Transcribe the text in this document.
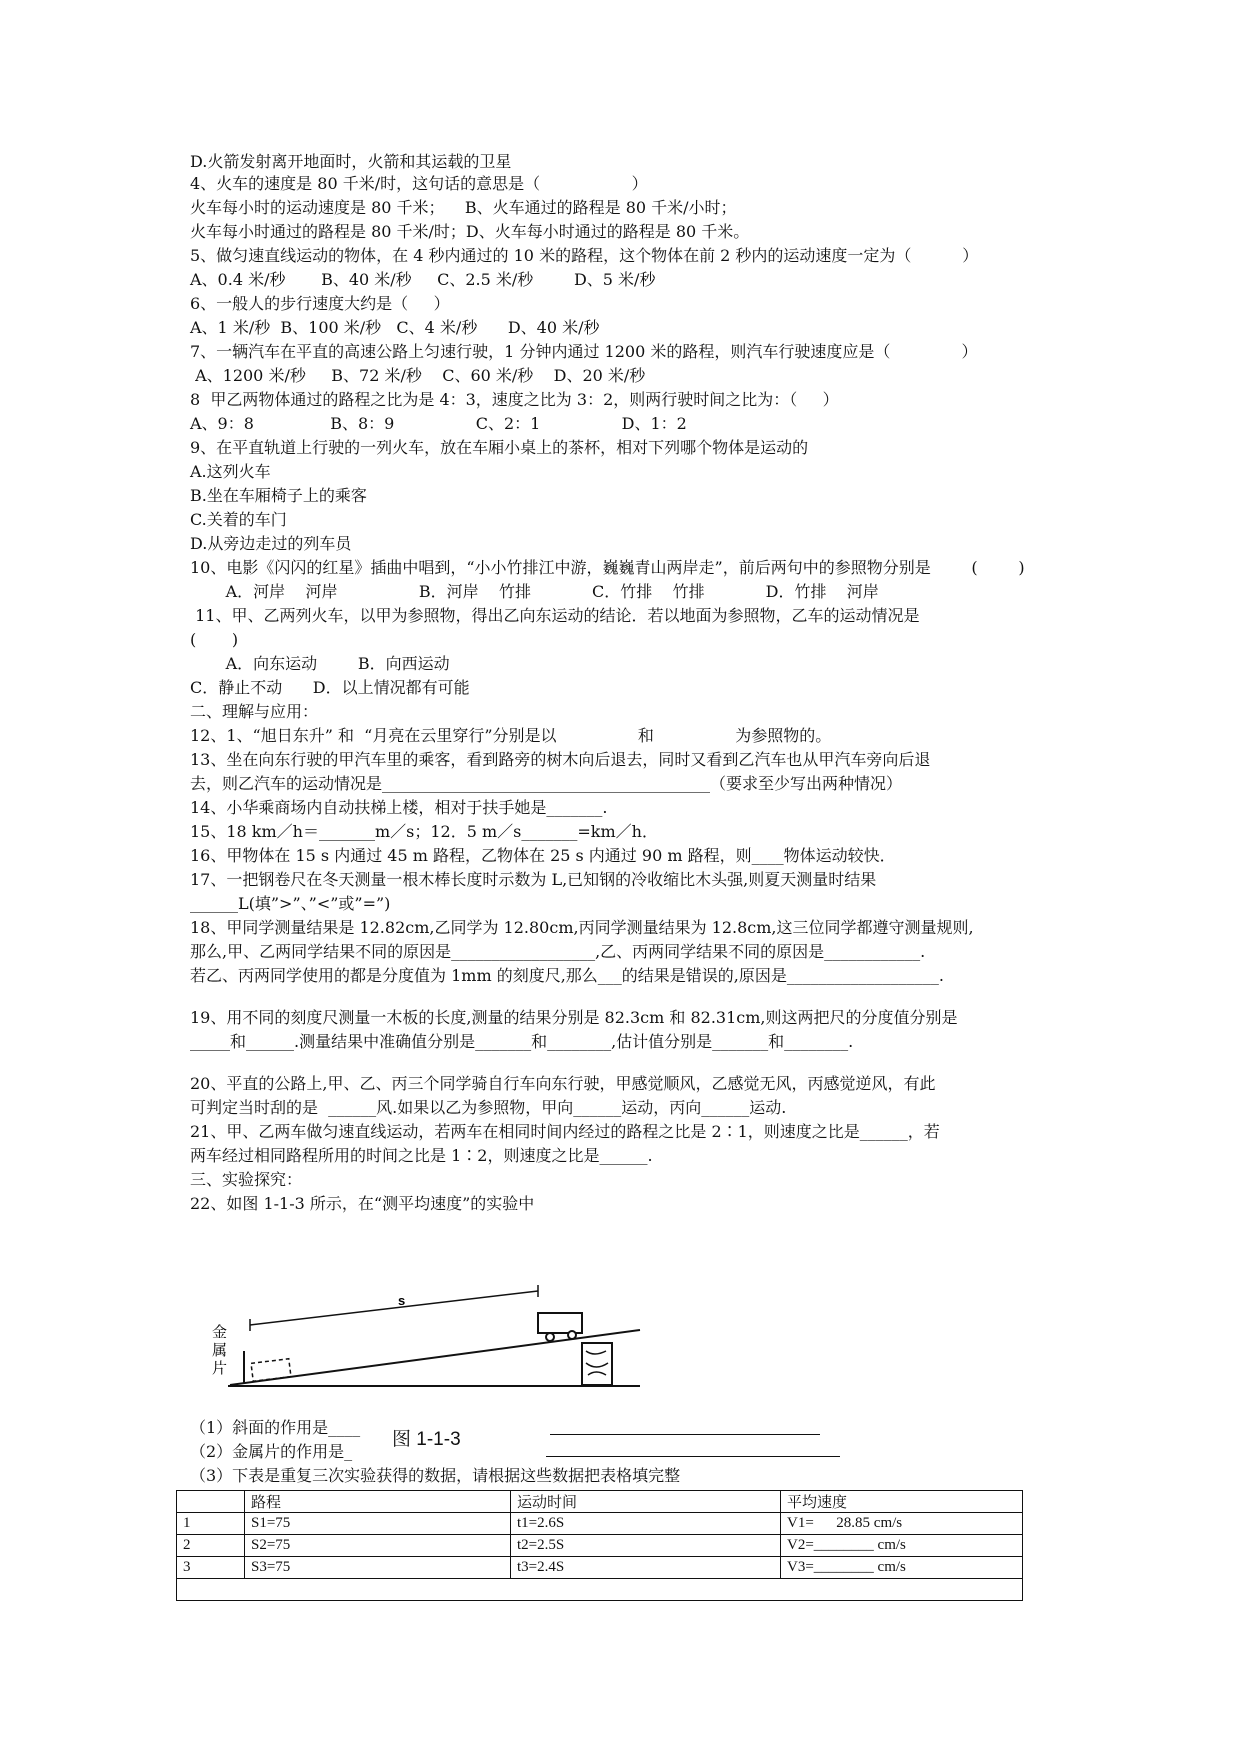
D.火箭发射离开地面时，火箭和其运载的卫星
4、火车的速度是 80 千米/时，这句话的意思是（                  ）
火车每小时的运动速度是 80 千米；    B、火车通过的路程是 80 千米/小时；
火车每小时通过的路程是 80 千米/时；D、火车每小时通过的路程是 80 千米。
5、做匀速直线运动的物体，在 4 秒内通过的 10 米的路程，这个物体在前 2 秒内的运动速度一定为（          ）
A、0.4 米/秒       B、40 米/秒     C、2.5 米/秒        D、5 米/秒
6、一般人的步行速度大约是（     ）
A、1 米/秒  B、100 米/秒   C、4 米/秒      D、40 米/秒
7、一辆汽车在平直的高速公路上匀速行驶，1 分钟内通过 1200 米的路程，则汽车行驶速度应是（              ）
A、1200 米/秒     B、72 米/秒    C、60 米/秒    D、20 米/秒
8  甲乙两物体通过的路程之比为是 4：3，速度之比为 3：2，则两行驶时间之比为：（     ）
A、9：8               B、8：9                C、2：1                D、1：2
9、在平直轨道上行驶的一列火车，放在车厢小桌上的茶杯，相对下列哪个物体是运动的
A.这列火车
B.坐在车厢椅子上的乘客
C.关着的车门
D.从旁边走过的列车员
10、电影《闪闪的红星》插曲中唱到，“小小竹排江中游，巍巍青山两岸走”，前后两句中的参照物分别是        (        )
A．河岸    河岸                B．河岸    竹排            C．竹排    竹排            D．竹排    河岸
11、甲、乙两列火车，以甲为参照物，得出乙向东运动的结论．若以地面为参照物，乙车的运动情况是
(       )
A．向东运动        B．向西运动
C．静止不动      D．以上情况都有可能
二、理解与应用：
12、1、“旭日东升” 和  “月亮在云里穿行”分别是以                和                为参照物的。
13、坐在向东行驶的甲汽车里的乘客，看到路旁的树木向后退去，同时又看到乙汽车也从甲汽车旁向后退
去，则乙汽车的运动情况是_________________________________________（要求至少写出两种情况）
14、小华乘商场内自动扶梯上楼，相对于扶手她是_______.
15、18 km／h＝_______m／s；12．5 m／s_______=km／h．
16、甲物体在 15 s 内通过 45 m 路程，乙物体在 25 s 内通过 90 m 路程，则____物体运动较快．
17、一把钢卷尺在冬天测量一根木棒长度时示数为 L,已知钢的冷收缩比木头强,则夏天测量时结果
______L(填”>”、”<”或”=”)
18、甲同学测量结果是 12.82cm,乙同学为 12.80cm,丙同学测量结果为 12.8cm,这三位同学都遵守测量规则,
那么,甲、乙两同学结果不同的原因是__________________,乙、丙两同学结果不同的原因是____________.
若乙、丙两同学使用的都是分度值为 1mm 的刻度尺,那么___的结果是错误的,原因是___________________.
19、用不同的刻度尺测量一木板的长度,测量的结果分别是 82.3cm 和 82.31cm,则这两把尺的分度值分别是
_____和______.测量结果中准确值分别是_______和________,估计值分别是_______和________.
20、平直的公路上,甲、乙、丙三个同学骑自行车向东行驶，甲感觉顺风，乙感觉无风，丙感觉逆风，有此
可判定当时刮的是  ______风.如果以乙为参照物，甲向______运动，丙向______运动.
21、甲、乙两车做匀速直线运动，若两车在相同时间内经过的路程之比是 2∶1，则速度之比是______，若
两车经过相同路程所用的时间之比是 1∶2，则速度之比是______.
三、实验探究：
22、如图 1-1-3 所示，在“测平均速度”的实验中
（1）斜面的作用是____
（2）金属片的作用是_
（3）下表是重复三次实验获得的数据，请根据这些数据把表格填完整
金
属
片
s
图 1-1-3
	路程	运动时间	平均速度
1	S1=75	t1=2.6S	V1=      28.85 cm/s
2	S2=75	t2=2.5S	V2=________ cm/s
3	S3=75	t3=2.4S	V3=________ cm/s
